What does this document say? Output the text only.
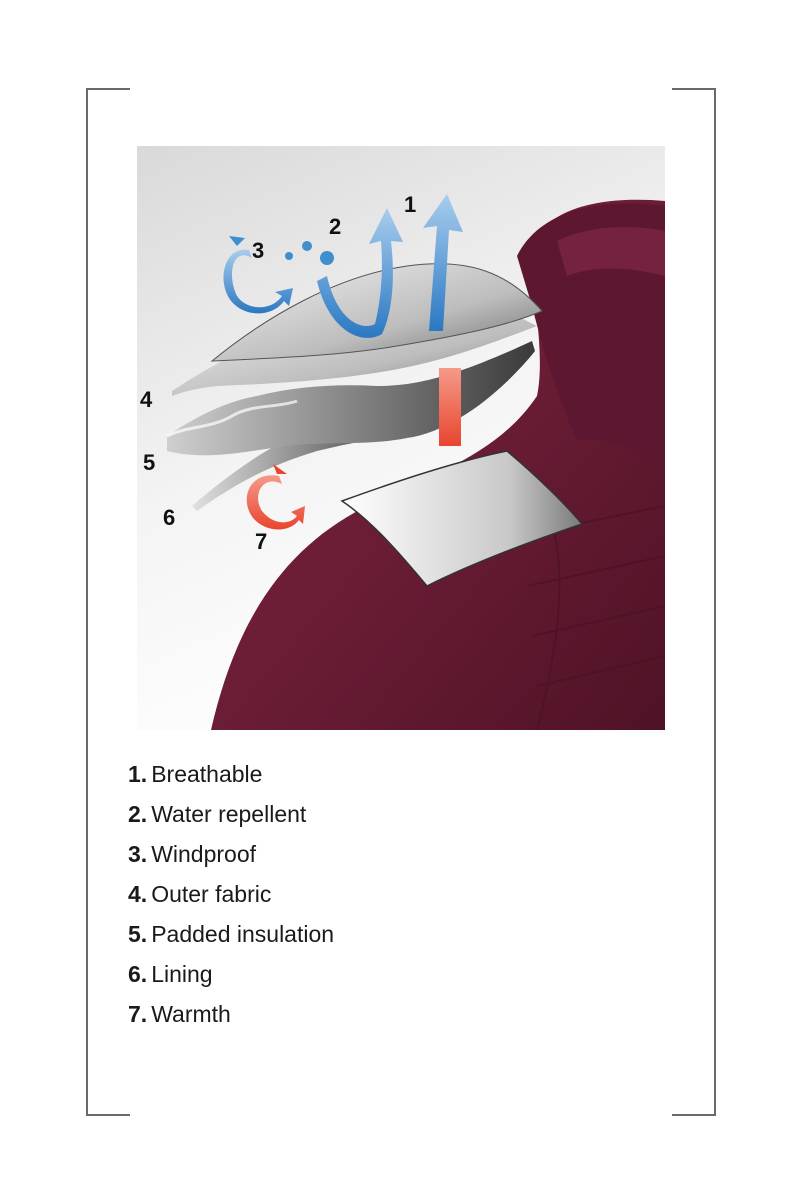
1
2
3
4
5
6
7
1. Breathable
2. Water repellent
3. Windproof
4. Outer fabric
5. Padded insulation
6. Lining
7. Warmth
